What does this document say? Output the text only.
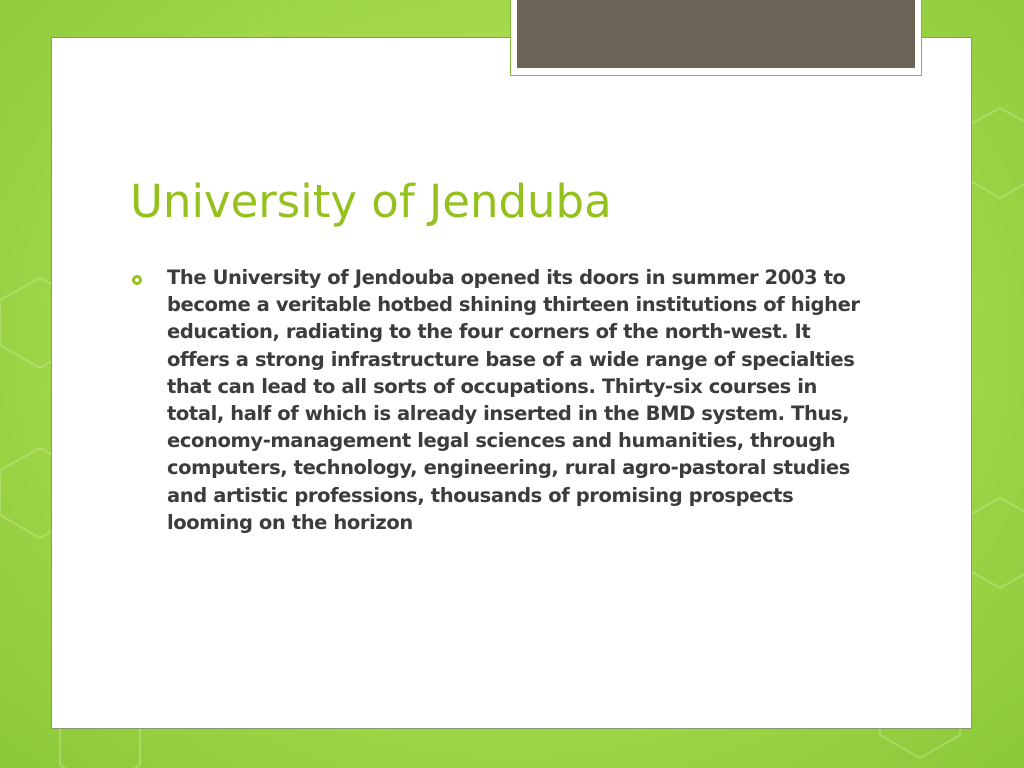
University of Jenduba

The University of Jendouba opened its doors in summer 2003 to become a veritable hotbed shining thirteen institutions of higher education, radiating to the four corners of the north-west. It offers a strong infrastructure base of a wide range of specialties that can lead to all sorts of occupations. Thirty-six courses in total, half of which is already inserted in the BMD system. Thus, economy-management legal sciences and humanities, through computers, technology, engineering, rural agro-pastoral studies and artistic professions, thousands of promising prospects looming on the horizon
